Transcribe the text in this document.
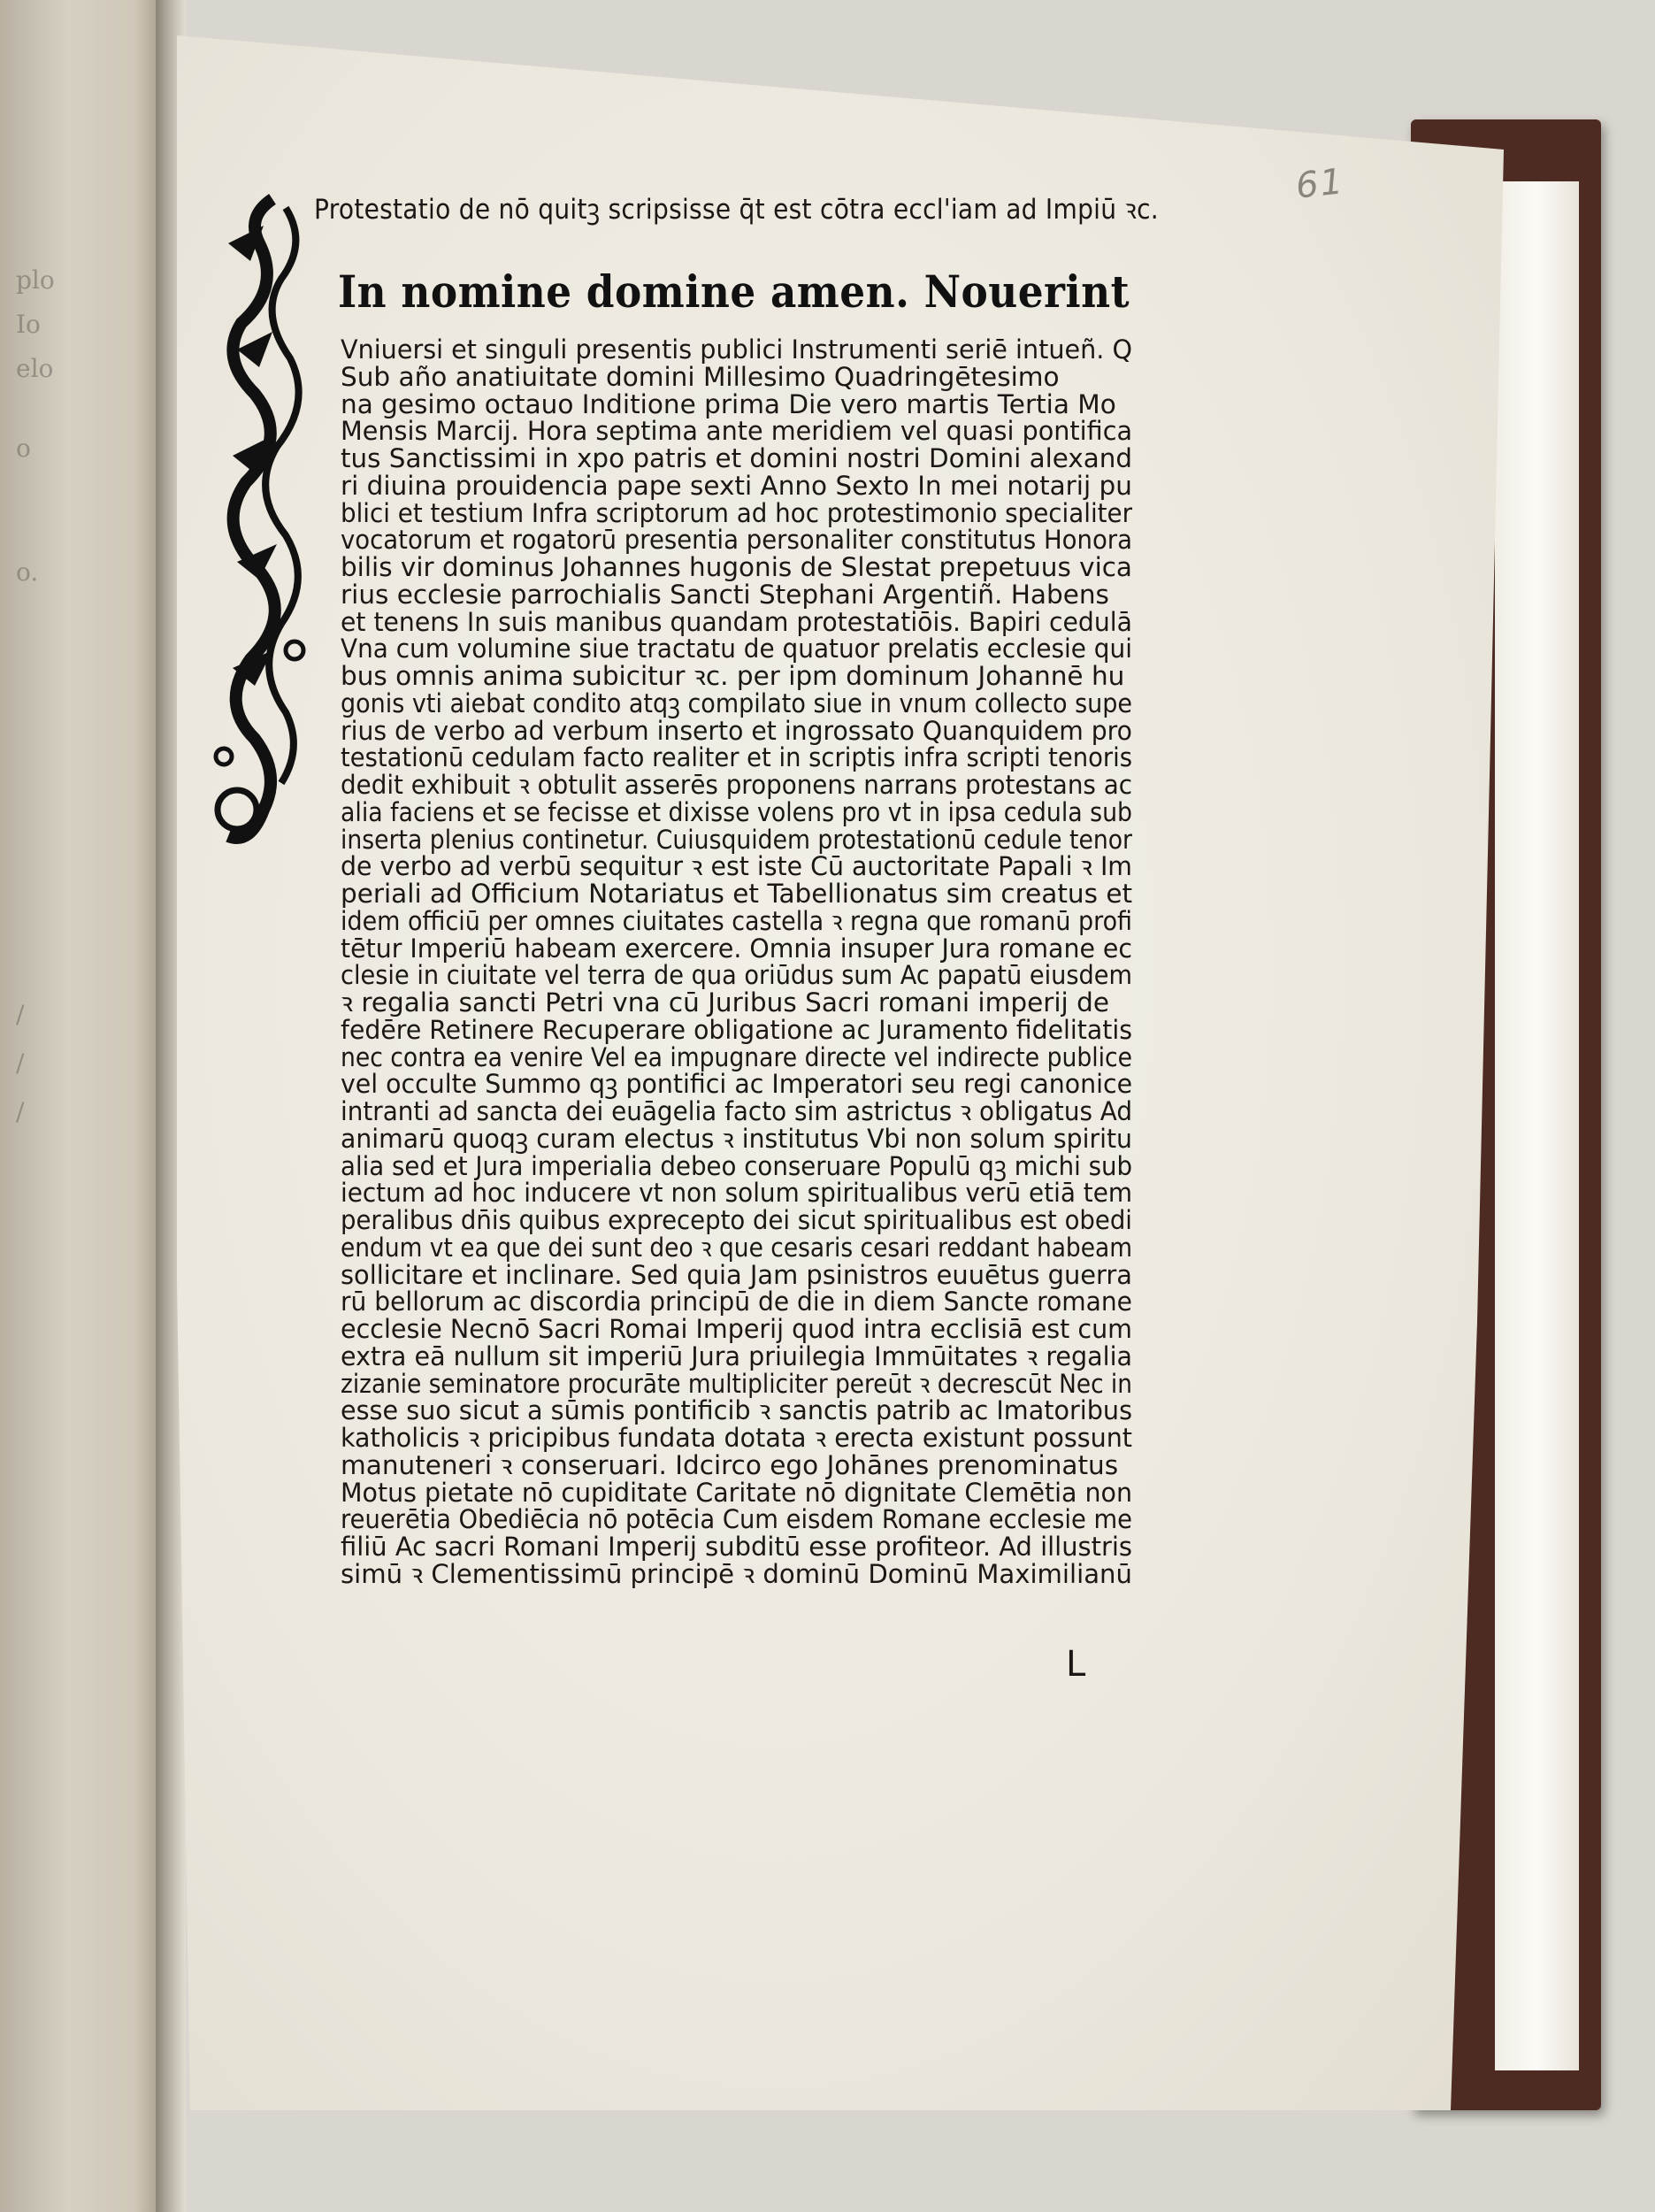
plo
Io
elo
o
o.
/
/
/
61
Protestatio de nō quitꝫ scripsisse q̄t est cōtra eccl'iam ad Impiū ꝛc.
In nomine domine amen. Nouerint
Vniuersi et singuli presentis publici Instrumenti seriē intueñ. Q
Sub año anatiuitate domini Millesimo Quadringētesimo
na gesimo octauo Inditione prima Die vero martis Tertia Mo
Mensis Marcij. Hora septima ante meridiem vel quasi pontifica
tus Sanctissimi in xpo patris et domini nostri Domini alexand
ri diuina prouidencia pape sexti Anno Sexto In mei notarij pu
blici et testium Infra scriptorum ad hoc protestimonio specialiter
vocatorum et rogatorū presentia personaliter constitutus Honora
bilis vir dominus Johannes hugonis de Slestat prepetuus vica
rius ecclesie parrochialis Sancti Stephani Argentiñ. Habens
et tenens In suis manibus quandam protestatiōis. Bapiri cedulā
Vna cum volumine siue tractatu de quatuor prelatis ecclesie qui
bus omnis anima subicitur ꝛc. per ipm dominum Johannē hu
gonis vti aiebat condito atqꝫ compilato siue in vnum collecto supe
rius de verbo ad verbum inserto et ingrossato Quanquidem pro
testationū cedulam facto realiter et in scriptis infra scripti tenoris
dedit exhibuit ꝛ obtulit asserēs proponens narrans protestans ac
alia faciens et se fecisse et dixisse volens pro vt in ipsa cedula sub
inserta plenius continetur. Cuiusquidem protestationū cedule tenor
de verbo ad verbū sequitur ꝛ est iste Cū auctoritate Papali ꝛ Im
periali ad Officium Notariatus et Tabellionatus sim creatus et
idem officiū per omnes ciuitates castella ꝛ regna que romanū profi
tētur Imperiū habeam exercere. Omnia insuper Jura romane ec
clesie in ciuitate vel terra de qua oriūdus sum Ac papatū eiusdem
ꝛ regalia sancti Petri vna cū Juribus Sacri romani imperij de
fedēre Retinere Recuperare obligatione ac Juramento fidelitatis
nec contra ea venire Vel ea impugnare directe vel indirecte publice
vel occulte Summo qꝫ pontifici ac Imperatori seu regi canonice
intranti ad sancta dei euāgelia facto sim astrictus ꝛ obligatus Ad
animarū quoqꝫ curam electus ꝛ institutus Vbi non solum spiritu
alia sed et Jura imperialia debeo conseruare Populū qꝫ michi sub
iectum ad hoc inducere vt non solum spiritualibus verū etiā tem
peralibus dn̄is quibus exprecepto dei sicut spiritualibus est obedi
endum vt ea que dei sunt deo ꝛ que cesaris cesari reddant habeam
sollicitare et inclinare. Sed quia Jam psinistros euuētus guerra
rū bellorum ac discordia principū de die in diem Sancte romane
ecclesie Necnō Sacri Romai Imperij quod intra ecclisiā est cum
extra eā nullum sit imperiū Jura priuilegia Immūitates ꝛ regalia
zizanie seminatore procurāte multipliciter pereūt ꝛ decrescūt Nec in
esse suo sicut a sūmis pontificib ꝛ sanctis patrib ac Imatoribus
katholicis ꝛ pricipibus fundata dotata ꝛ erecta existunt possunt
manuteneri ꝛ conseruari. Idcirco ego Johānes prenominatus
Motus pietate nō cupiditate Caritate nō dignitate Clemētia non
reuerētia Obediēcia nō potēcia Cum eisdem Romane ecclesie me
filiū Ac sacri Romani Imperij subditū esse profiteor. Ad illustris
simū ꝛ Clementissimū principē ꝛ dominū Dominū Maximilianū
L
